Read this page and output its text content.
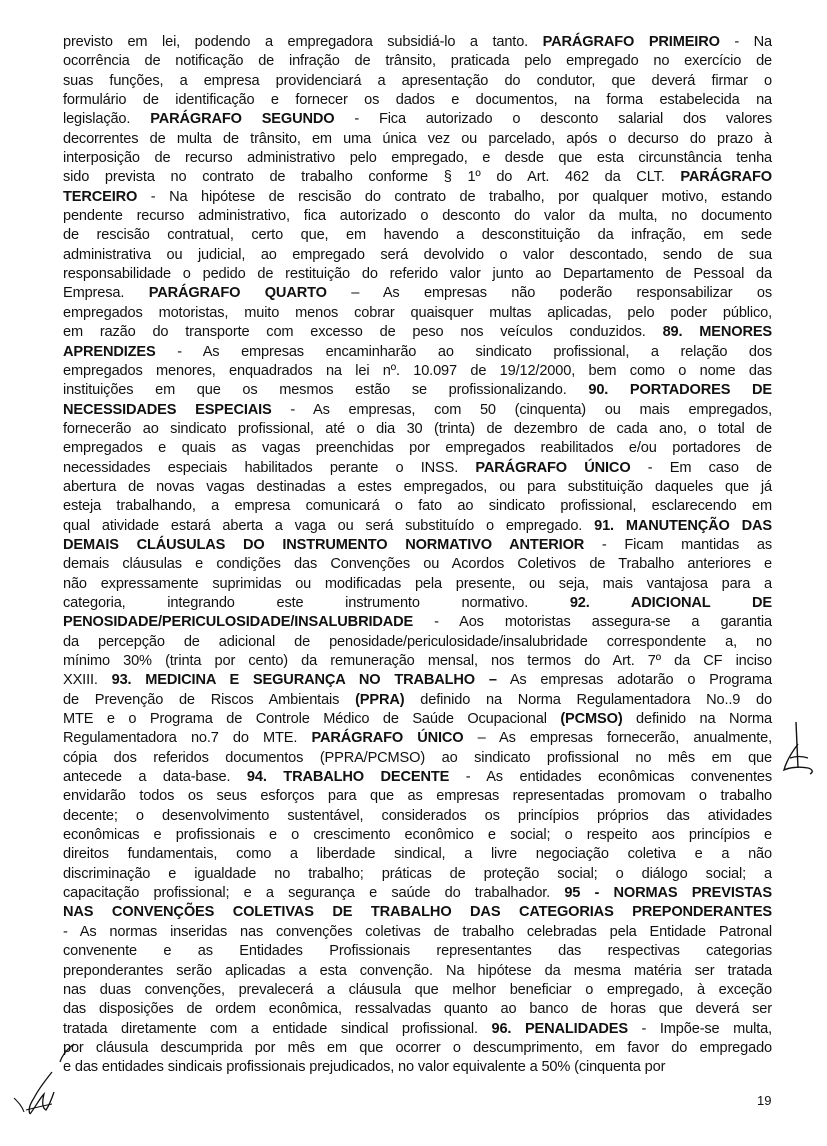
previsto em lei, podendo a empregadora subsidiá-lo a tanto. PARÁGRAFO PRIMEIRO - Na
ocorrência de notificação de infração de trânsito, praticada pelo empregado no exercício de
suas funções, a empresa providenciará a apresentação do condutor, que deverá firmar o
formulário de identificação e fornecer os dados e documentos, na forma estabelecida na
legislação. PARÁGRAFO SEGUNDO - Fica autorizado o desconto salarial dos valores
decorrentes de multa de trânsito, em uma única vez ou parcelado, após o decurso do prazo à
interposição de recurso administrativo pelo empregado, e desde que esta circunstância tenha
sido prevista no contrato de trabalho conforme § 1º do Art. 462 da CLT. PARÁGRAFO
TERCEIRO - Na hipótese de rescisão do contrato de trabalho, por qualquer motivo, estando
pendente recurso administrativo, fica autorizado o desconto do valor da multa, no documento
de rescisão contratual, certo que, em havendo a desconstituição da infração, em sede
administrativa ou judicial, ao empregado será devolvido o valor descontado, sendo de sua
responsabilidade o pedido de restituição do referido valor junto ao Departamento de Pessoal da
Empresa. PARÁGRAFO QUARTO – As empresas não poderão responsabilizar os
empregados motoristas, muito menos cobrar quaisquer multas aplicadas, pelo poder público,
em razão do transporte com excesso de peso nos veículos conduzidos. 89. MENORES
APRENDIZES - As empresas encaminharão ao sindicato profissional, a relação dos
empregados menores, enquadrados na lei nº. 10.097 de 19/12/2000, bem como o nome das
instituições em que os mesmos estão se profissionalizando. 90. PORTADORES DE
NECESSIDADES ESPECIAIS - As empresas, com 50 (cinquenta) ou mais empregados,
fornecerão ao sindicato profissional, até o dia 30 (trinta) de dezembro de cada ano, o total de
empregados e quais as vagas preenchidas por empregados reabilitados e/ou portadores de
necessidades especiais habilitados perante o INSS. PARÁGRAFO ÚNICO - Em caso de
abertura de novas vagas destinadas a estes empregados, ou para substituição daqueles que já
esteja trabalhando, a empresa comunicará o fato ao sindicato profissional, esclarecendo em
qual atividade estará aberta a vaga ou será substituído o empregado. 91. MANUTENÇÃO DAS
DEMAIS CLÁUSULAS DO INSTRUMENTO NORMATIVO ANTERIOR - Ficam mantidas as
demais cláusulas e condições das Convenções ou Acordos Coletivos de Trabalho anteriores e
não expressamente suprimidas ou modificadas pela presente, ou seja, mais vantajosa para a
categoria, integrando este instrumento normativo. 92. ADICIONAL DE
PENOSIDADE/PERICULOSIDADE/INSALUBRIDADE - Aos motoristas assegura-se a garantia
da percepção de adicional de penosidade/periculosidade/insalubridade correspondente a, no
mínimo 30% (trinta por cento) da remuneração mensal, nos termos do Art. 7º da CF inciso
XXIII. 93. MEDICINA E SEGURANÇA NO TRABALHO – As empresas adotarão o Programa
de Prevenção de Riscos Ambientais (PPRA) definido na Norma Regulamentadora No..9 do
MTE e o Programa de Controle Médico de Saúde Ocupacional (PCMSO) definido na Norma
Regulamentadora no.7 do MTE. PARÁGRAFO ÚNICO – As empresas fornecerão, anualmente,
cópia dos referidos documentos (PPRA/PCMSO) ao sindicato profissional no mês em que
antecede a data-base. 94. TRABALHO DECENTE - As entidades econômicas convenentes
envidarão todos os seus esforços para que as empresas representadas promovam o trabalho
decente; o desenvolvimento sustentável, considerados os princípios próprios das atividades
econômicas e profissionais e o crescimento econômico e social; o respeito aos princípios e
direitos fundamentais, como a liberdade sindical, a livre negociação coletiva e a não
discriminação e igualdade no trabalho; práticas de proteção social; o diálogo social; a
capacitação profissional; e a segurança e saúde do trabalhador. 95 - NORMAS PREVISTAS
NAS CONVENÇÕES COLETIVAS DE TRABALHO DAS CATEGORIAS PREPONDERANTES
- As normas inseridas nas convenções coletivas de trabalho celebradas pela Entidade Patronal
convenente e as Entidades Profissionais representantes das respectivas categorias
preponderantes serão aplicadas a esta convenção. Na hipótese da mesma matéria ser tratada
nas duas convenções, prevalecerá a cláusula que melhor beneficiar o empregado, à exceção
das disposições de ordem econômica, ressalvadas quanto ao banco de horas que deverá ser
tratada diretamente com a entidade sindical profissional. 96. PENALIDADES - Impõe-se multa,
por cláusula descumprida por mês em que ocorrer o descumprimento, em favor do empregado
e das entidades sindicais profissionais prejudicados, no valor equivalente a 50% (cinquenta por
19
